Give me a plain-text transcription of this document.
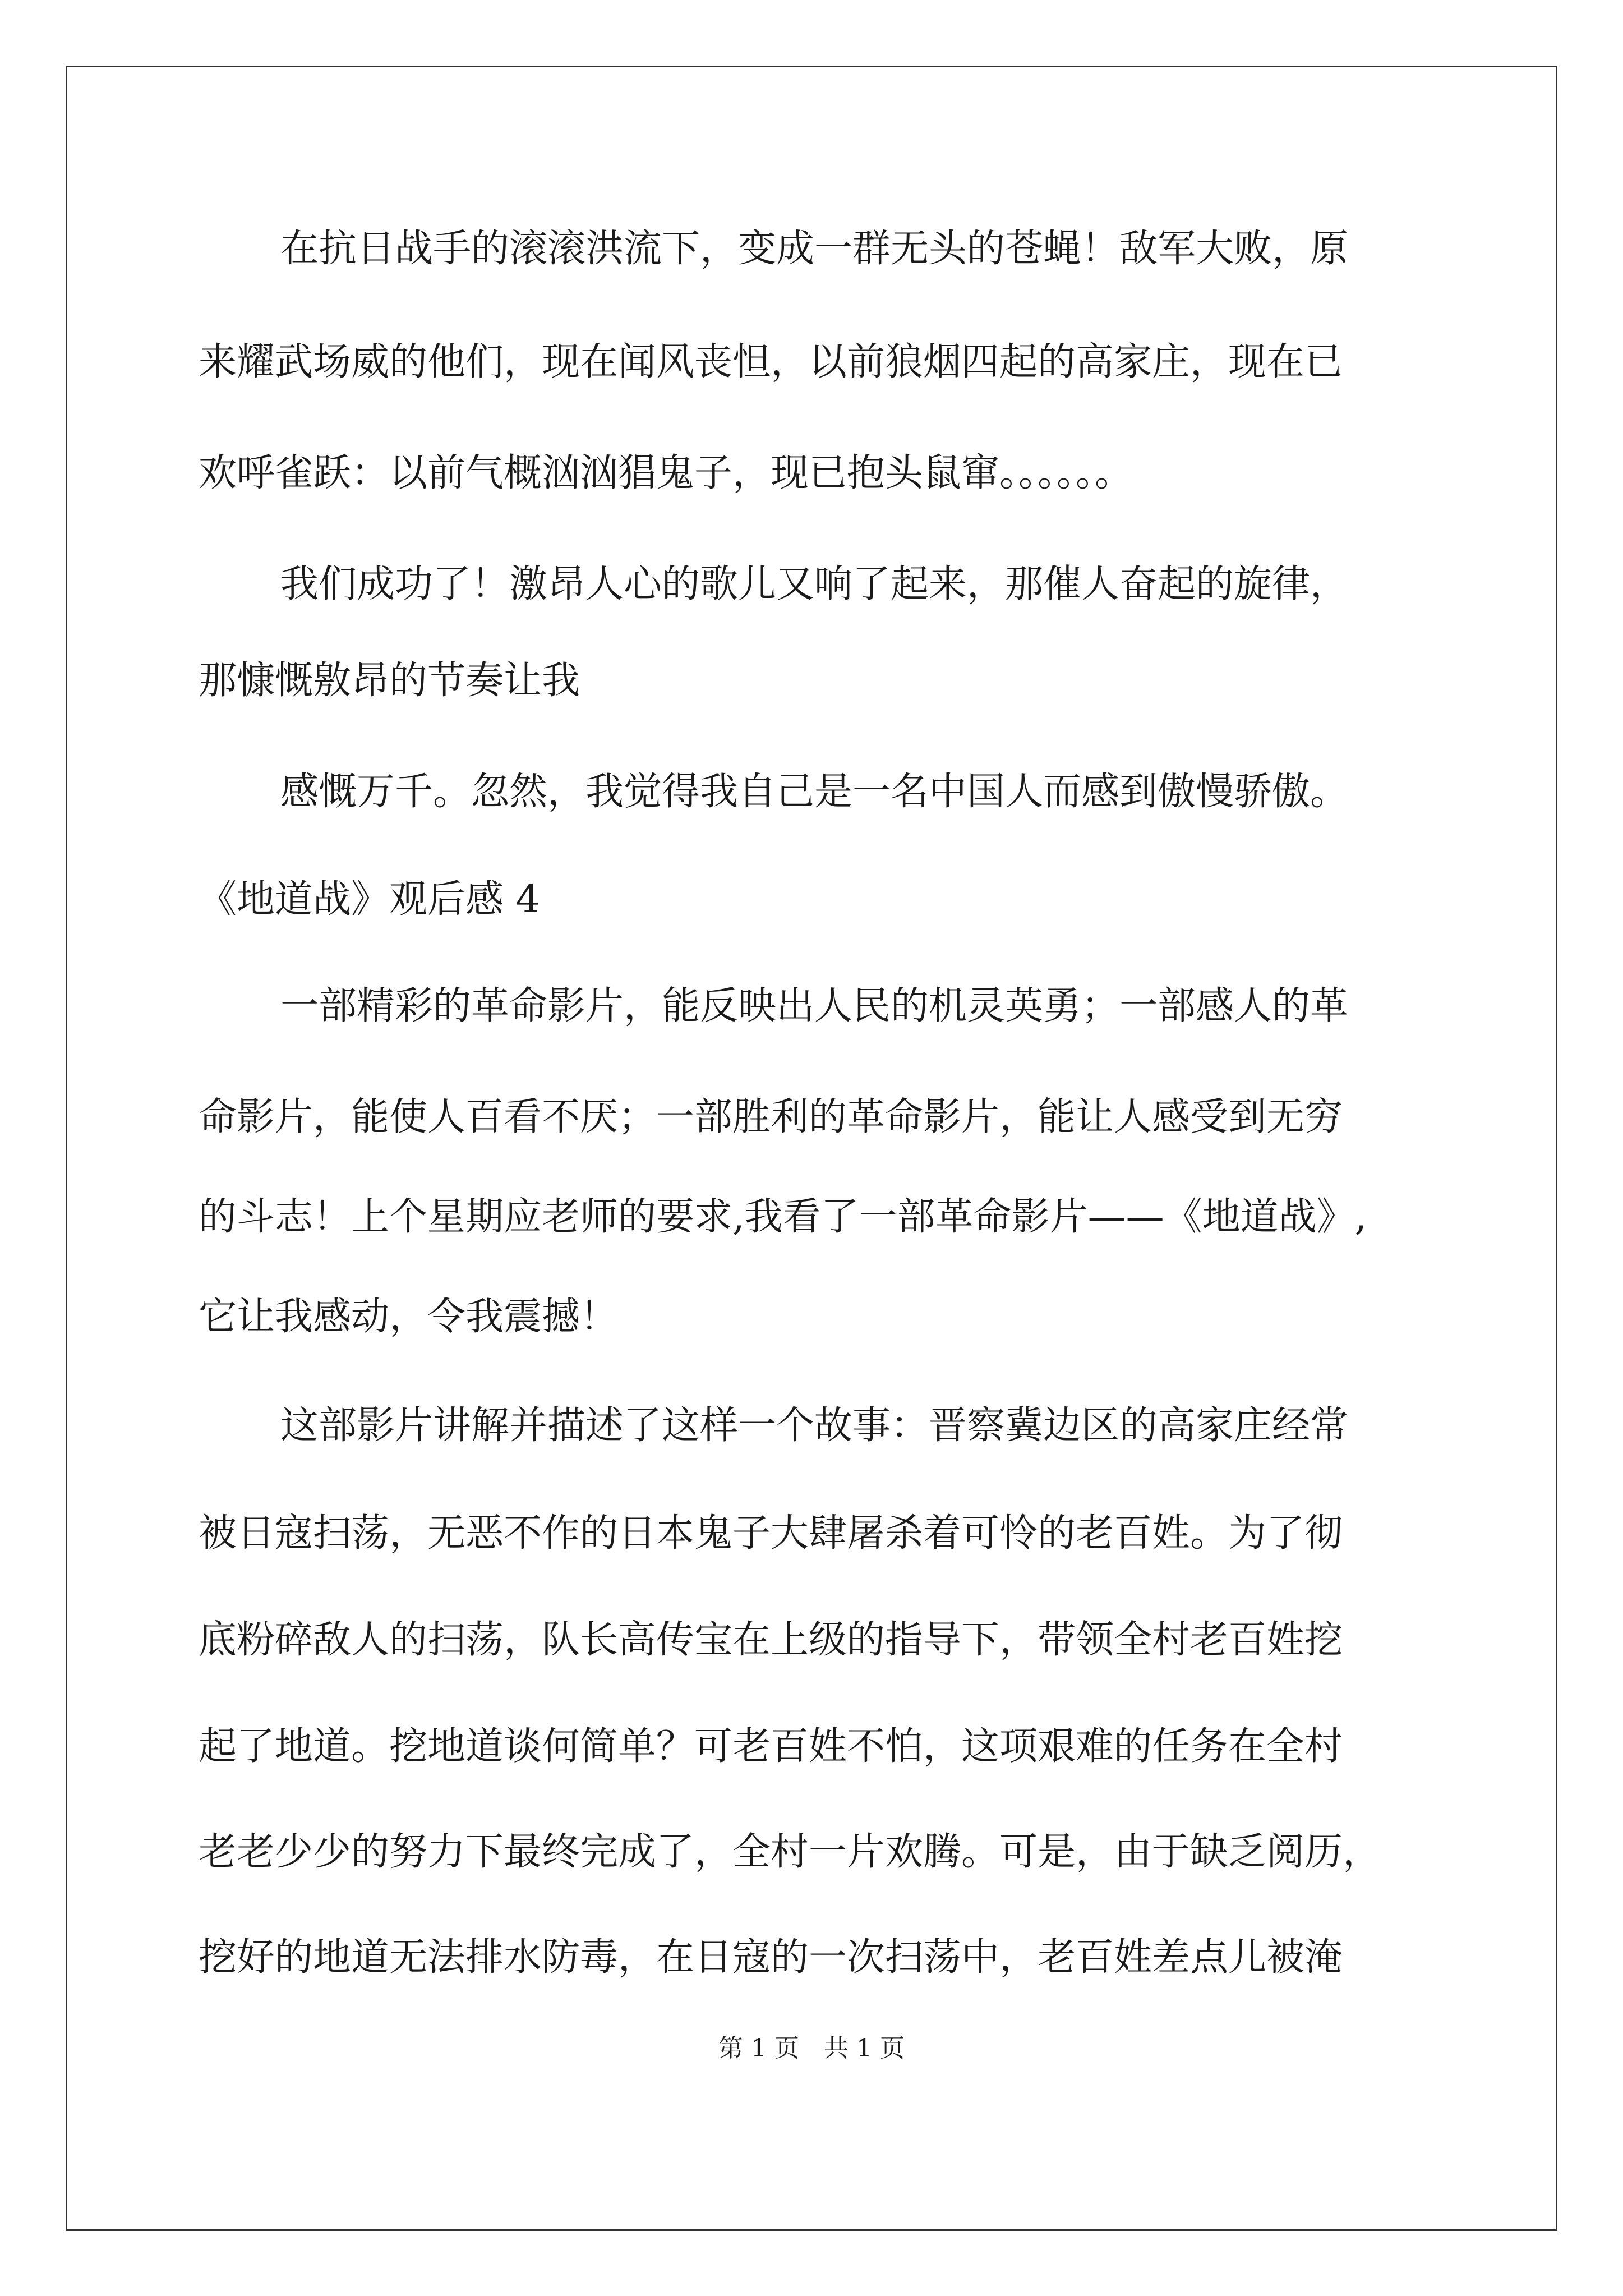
在抗日战手的滚滚洪流下，变成一群无头的苍蝇！敌军大败，原
来耀武场威的他们，现在闻风丧怛，以前狼烟四起的高家庄，现在已
欢呼雀跃：以前气概汹汹猖鬼子，现已抱头鼠窜。。。。。。
我们成功了！激昂人心的歌儿又响了起来，那催人奋起的旋律，
那慷慨敫昂的节奏让我
感慨万千。忽然，我觉得我自己是一名中国人而感到傲慢骄傲。
《地道战》观后感 4
一部精彩的革命影片，能反映出人民的机灵英勇；一部感人的革
命影片，能使人百看不厌；一部胜利的革命影片，能让人感受到无穷
的斗志！上个星期应老师的要求,我看了一部革命影片——《地道战》,
它让我感动，令我震撼！
这部影片讲解并描述了这样一个故事：晋察冀边区的高家庄经常
被日寇扫荡，无恶不作的日本鬼子大肆屠杀着可怜的老百姓。为了彻
底粉碎敌人的扫荡，队长高传宝在上级的指导下，带领全村老百姓挖
起了地道。挖地道谈何简单？可老百姓不怕，这项艰难的任务在全村
老老少少的努力下最终完成了，全村一片欢腾。可是，由于缺乏阅历，
挖好的地道无法排水防毒，在日寇的一次扫荡中，老百姓差点儿被淹
第 1 页　共 1 页
